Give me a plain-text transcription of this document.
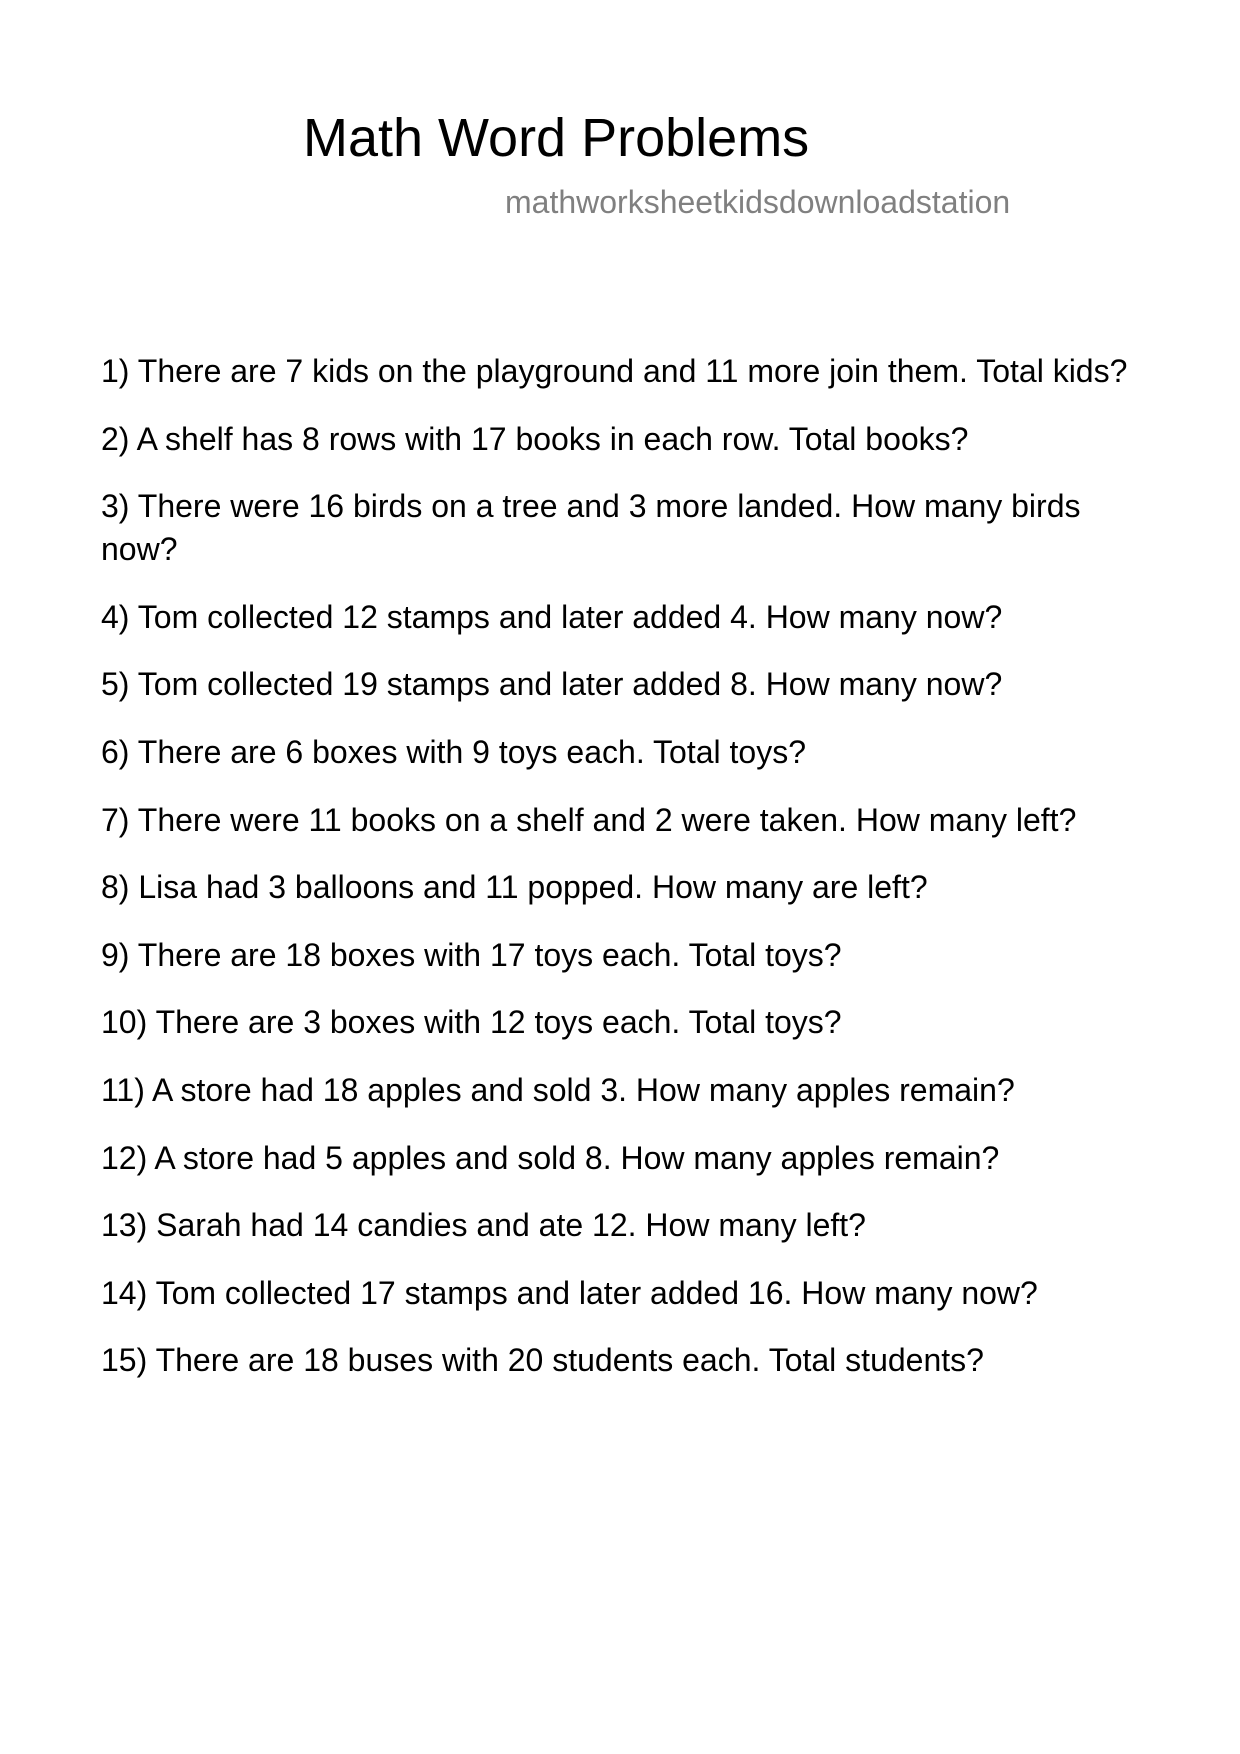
Math Word Problems
mathworksheetkidsdownloadstation
1) There are 7 kids on the playground and 11 more join them. Total kids?
2) A shelf has 8 rows with 17 books in each row. Total books?
3) There were 16 birds on a tree and 3 more landed. How many birds now?
4) Tom collected 12 stamps and later added 4. How many now?
5) Tom collected 19 stamps and later added 8. How many now?
6) There are 6 boxes with 9 toys each. Total toys?
7) There were 11 books on a shelf and 2 were taken. How many left?
8) Lisa had 3 balloons and 11 popped. How many are left?
9) There are 18 boxes with 17 toys each. Total toys?
10) There are 3 boxes with 12 toys each. Total toys?
11) A store had 18 apples and sold 3. How many apples remain?
12) A store had 5 apples and sold 8. How many apples remain?
13) Sarah had 14 candies and ate 12. How many left?
14) Tom collected 17 stamps and later added 16. How many now?
15) There are 18 buses with 20 students each. Total students?
